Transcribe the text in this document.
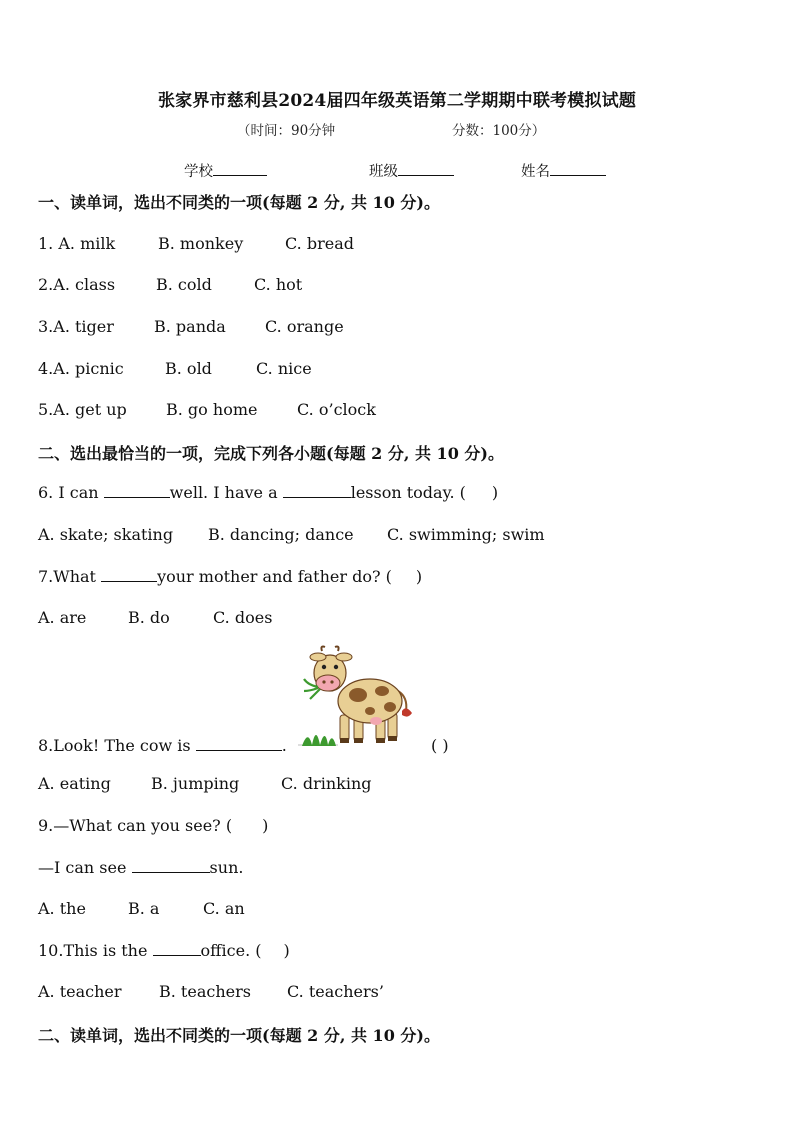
张家界市慈利县2024届四年级英语第二学期期中联考模拟试题
（时间：90分钟	分数：100分）
学校	班级	姓名
一、读单词，选出不同类的一项(每题 2 分, 共 10 分)。
1. A. milk	B. monkey	C. bread
2.A. class	B. cold	C. hot
3.A. tiger	B. panda C. orange
4.A. picnic	B. old	C. nice
5.A. get up B. go home C. o’clock
二、选出最恰当的一项，完成下列各小题(每题 2 分, 共 10 分)。
6. I can	well. I have a	lesson today. ( )
A. skate; skating B. dancing; dance C. swimming; swim
7.What	your mother and father do? ( )
A. are	B. do	C. does
8.Look! The cow is	.	( )
A. eating	B. jumping	C. drinking
9.—What can you see? ( )
—I can see	sun.
A. the	B. a	C. an
10.This is the	office. ( )
A. teacher B. teachers C. teachers’
二、读单词，选出不同类的一项(每题 2 分, 共 10 分)。
